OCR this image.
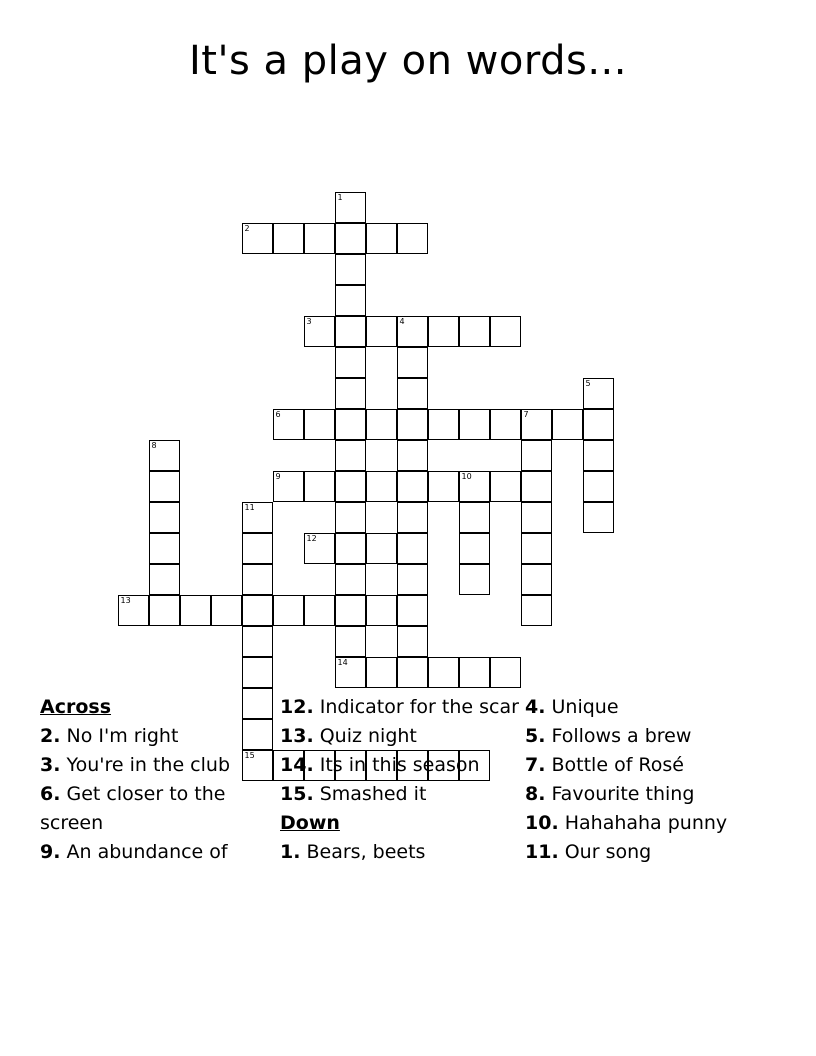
It's a play on words...
1
14
2
3	4
5
6	7
8
9	10
11
12
13
15
Across
2. No I'm right
3. You're in the club
6. Get closer to the screen
9. An abundance of
12. Indicator for the scar
13. Quiz night
14. Its in this season
15. Smashed it
Down
1. Bears, beets
4. Unique
5. Follows a brew
7. Bottle of Rosé
8. Favourite thing
10. Hahahaha punny
11. Our song
